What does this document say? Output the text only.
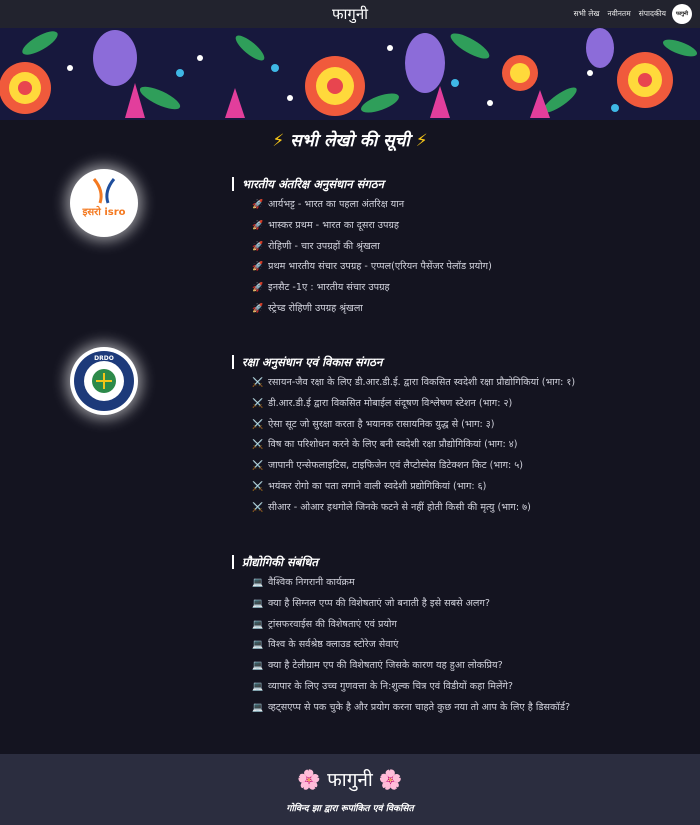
फागुनी	सभी लेख नवीनतम संपादकीय	फागुनी
⚡ सभी लेखो की सूची ⚡
इसरो isro
भारतीय अंतरिक्ष अनुसंधान संगठन
🚀 आर्यभट्ट - भारत का पहला अंतरिक्ष यान
🚀 भास्कर प्रथम - भारत का दूसरा उपग्रह
🚀 रोहिणी - चार उपग्रहों की श्रृंखला
🚀 प्रथम भारतीय संचार उपग्रह - एप्पल(एरियन पैसेंजर पेलॉड प्रयोग)
🚀 इनसैट -1ए : भारतीय संचार उपग्रह
🚀 स्ट्रेच्ड रोहिणी उपग्रह श्रृंखला
DRDO	रक्षा अनुसंधान एवं विकास संगठन
⚔️ रसायन-जैव रक्षा के लिए डी.आर.डी.ई. द्वारा विकसित स्वदेशी रक्षा प्रौद्योगिकियां (भाग: १)
⚔️ डी.आर.डी.ई द्वारा विकसित मोबाईल संदूषण विश्लेषण स्टेशन (भाग: २)
⚔️ ऐसा सूट जो सुरक्षा करता है भयानक रासायनिक युद्ध से (भाग: ३)
⚔️ विष का परिशोधन करने के लिए बनी स्वदेशी रक्षा प्रौद्योगिकियां (भाग: ४)
⚔️ जापानी एन्सेफलाइटिस, टाइफिजेन एवं लैप्टोस्पेस डिटेक्शन किट (भाग: ५)
⚔️ भयंकर रोगो का पता लगाने वाली स्वदेशी प्रद्योगिकियां (भाग: ६)
⚔️ सीआर - ओआर हथगोले जिनके फटने से नहीं होती किसी की मृत्यु (भाग: ७)
प्रौद्योगिकी संबंधित
💻 वैश्विक निगरानी कार्यक्रम
💻 क्या है सिग्नल एप्प की विशेषताएं जो बनाती है इसे सबसे अलग?
💻 ट्रांसफरवाईस की विशेषताएं एवं प्रयोग
💻 विश्व के सर्वश्रेष्ठ क्लाउड स्टोरेज सेवाएं
💻 क्या है टेलीग्राम एप की विशेषताएं जिसके कारण यह हुआ लोकप्रिय?
💻 व्यापार के लिए उच्च गुणवत्ता के नि:शुल्क चित्र एवं विडीयों कहा मिलेंगे?
💻 व्हट्सएप्प से पक चुके है और प्रयोग करना चाहते कुछ नया तो आप के लिए है डिसकॉर्ड?
🌸 फागुनी 🌸
गोविन्द झा द्वारा रूपांकित एवं विकसित
